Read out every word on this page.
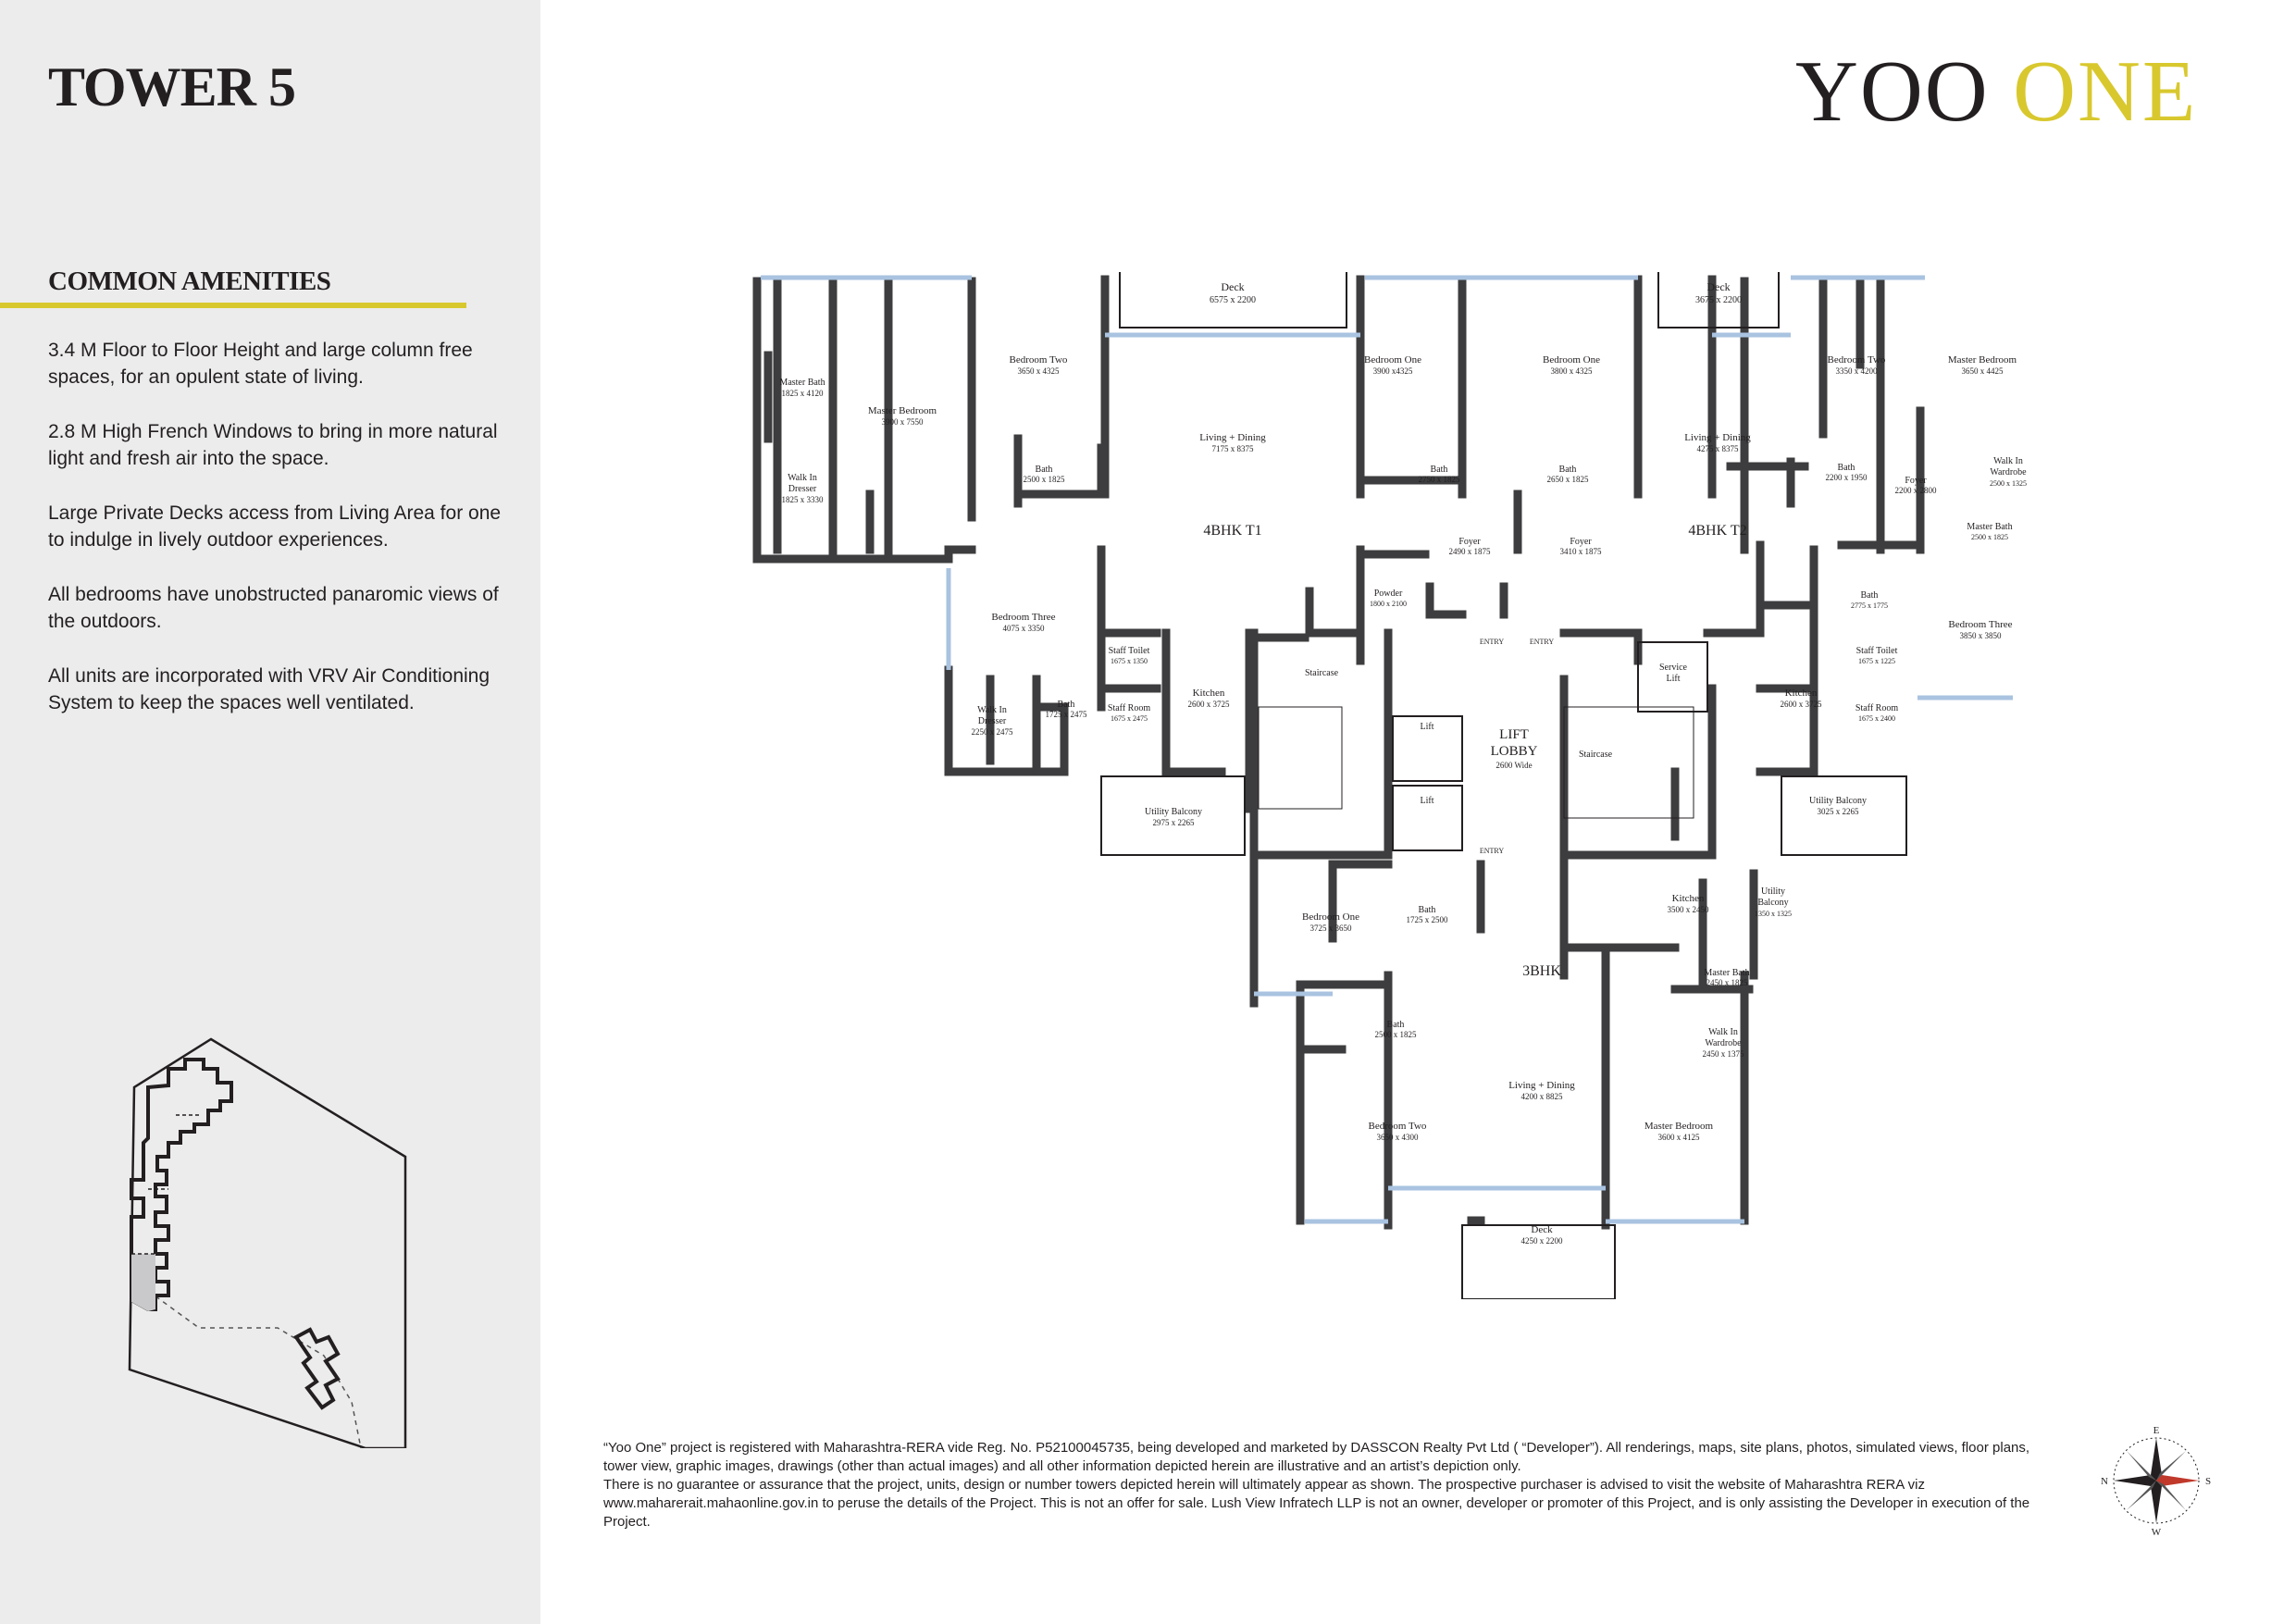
TOWER 5
COMMON AMENITIES
3.4 M Floor to Floor Height and large column free spaces, for an opulent state of living.
2.8 M High French Windows to bring in more natural light and fresh air into the space.
Large Private Decks access from Living Area for one to indulge in lively outdoor experiences.
All bedrooms have unobstructed panaromic views of the outdoors.
All units are incorporated with VRV Air Conditioning System to keep the spaces well ventilated.
YOO ONE
Deck
6575 x 2200
Deck
3675 x 2200
Master Bath
1825 x 4120
Walk In
Dresser
1825 x 3330
Master Bedroom
3900 x 7550
Bedroom Two
3650 x 4325
Bath
2500 x 1825
Living + Dining
7175 x 8375
4BHK T1
Bedroom One
3900 x4325
Bath
2750 x 1825
Bedroom Three
4075 x 3350
Walk In
Dresser
2250 x 2475
Bath
1725 x 2475
Staff Toilet
1675 x 1350
Staff Room
1675 x 2475
Kitchen
2600 x 3725
Utility Balcony
2975 x 2265
Powder
1800 x 2100
Foyer
2490 x 1875
Foyer
3410 x 1875
Bedroom One
3800 x 4325
Bath
2650 x 1825
Living + Dining
4275 x 8375
4BHK T2
Bedroom Two
3350 x 4200
Bath
2200 x 1950	Foyer
2200 x 2800
Master Bedroom
3650 x 4425
Walk In
Wardrobe
2500 x 1325
Master Bath
2500 x 1825
Bath
2775 x 1775
Bedroom Three
3850 x 3850
Staff Toilet
1675 x 1225
Staff Room
1675 x 2400
Kitchen
2600 x 3725
Utility Balcony
3025 x 2265
LIFT
LOBBY
2600 Wide
Staircase
Staircase
Lift
Lift
Service
Lift
ENTRY	ENTRY
ENTRY
Bedroom One
3725 x 3650
Bath
1725 x 2500
Kitchen
3500 x 2450
Utility
Balcony
1350 x 1325
3BHK	Master Bath
2450 x 1825
Walk In
Wardrobe
2450 x 1375
Bath
2500 x 1825
Living + Dining
4200 x 8825
Bedroom Two
3650 x 4300
Master Bedroom
3600 x 4125
Deck
4250 x 2200
“Yoo One” project is registered with Maharashtra-RERA vide Reg. No. P52100045735, being developed and marketed by DASSCON Realty Pvt Ltd ( “Developer”). All renderings, maps, site plans, photos, simulated views, floor plans, tower view, graphic images, drawings (other than actual images) and all other information depicted herein are illustrative and an artist’s depiction only.
There is no guarantee or assurance that the project, units, design or number towers depicted herein will ultimately appear as shown. The prospective purchaser is advised to visit the website of Maharashtra RERA viz www.maharerait.mahaonline.gov.in to peruse the details of the Project. This is not an offer for sale. Lush View Infratech LLP is not an owner, developer or promoter of this Project, and is only assisting the Developer in execution of the Project.
E
W
N	S
